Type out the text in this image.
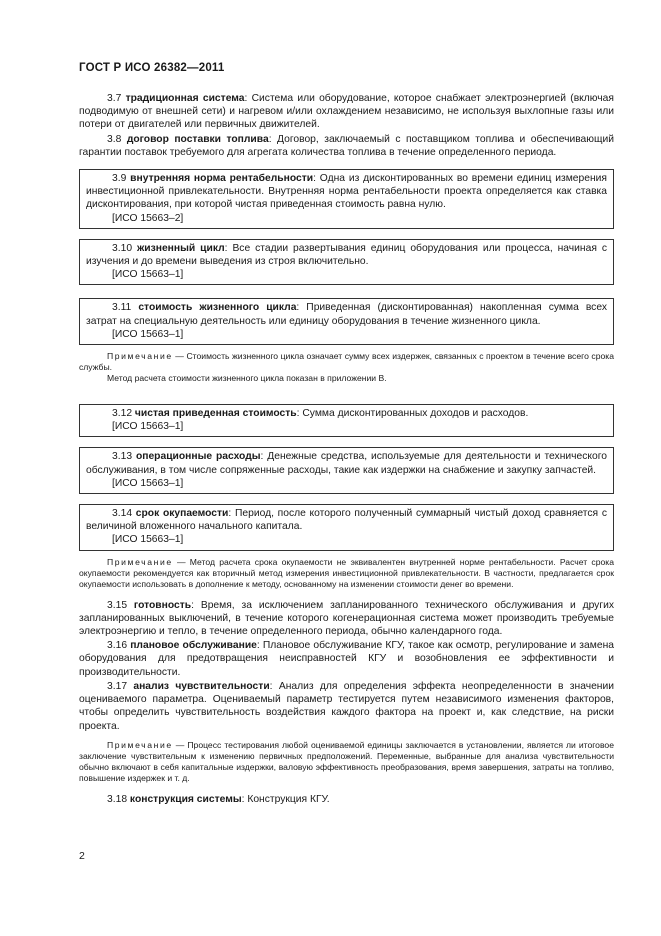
ГОСТ Р ИСО 26382—2011

3.7 традиционная система: Система или оборудование, которое снабжает электроэнергией (включая подводимую от внешней сети) и нагревом и/или охлаждением независимо, не используя выхлопные газы или потери от двигателей или первичных движителей.

3.8 договор поставки топлива: Договор, заключаемый с поставщиком топлива и обеспечивающий гарантии поставок требуемого для агрегата количества топлива в течение определенного периода.

3.9 внутренняя норма рентабельности: Одна из дисконтированных во времени единиц измерения инвестиционной привлекательности. Внутренняя норма рентабельности проекта определяется как ставка дисконтирования, при которой чистая приведенная стоимость равна нулю.

[ИСО 15663–2]

3.10 жизненный цикл: Все стадии развертывания единиц оборудования или процесса, начиная с изучения и до времени выведения из строя включительно.

[ИСО 15663–1]

3.11 стоимость жизненного цикла: Приведенная (дисконтированная) накопленная сумма всех затрат на специальную деятельность или единицу оборудования в течение жизненного цикла.

[ИСО 15663–1]

Примечание — Стоимость жизненного цикла означает сумму всех издержек, связанных с проектом в течение всего срока службы.

Метод расчета стоимости жизненного цикла показан в приложении В.

3.12 чистая приведенная стоимость: Сумма дисконтированных доходов и расходов.

[ИСО 15663–1]

3.13 операционные расходы: Денежные средства, используемые для деятельности и технического обслуживания, в том числе сопряженные расходы, такие как издержки на снабжение и закупку запчастей.

[ИСО 15663–1]

3.14 срок окупаемости: Период, после которого полученный суммарный чистый доход сравняется с величиной вложенного начального капитала.

[ИСО 15663–1]

Примечание — Метод расчета срока окупаемости не эквивалентен внутренней норме рентабельности. Расчет срока окупаемости рекомендуется как вторичный метод измерения инвестиционной привлекательности. В частности, предлагается срок окупаемости использовать в дополнение к методу, основанному на изменении стоимости денег во времени.

3.15 готовность: Время, за исключением запланированного технического обслуживания и других запланированных выключений, в течение которого когенерационная система может производить требуемые электроэнергию и тепло, в течение определенного периода, обычно календарного года.

3.16 плановое обслуживание: Плановое обслуживание КГУ, такое как осмотр, регулирование и замена оборудования для предотвращения неисправностей КГУ и возобновления ее эффективности и производительности.

3.17 анализ чувствительности: Анализ для определения эффекта неопределенности в значении оцениваемого параметра. Оцениваемый параметр тестируется путем независимого изменения факторов, чтобы определить чувствительность воздействия каждого фактора на проект и, как следствие, на риски проекта.

Примечание — Процесс тестирования любой оцениваемой единицы заключается в установлении, является ли итоговое заключение чувствительным к изменению первичных предположений. Переменные, выбранные для анализа чувствительности обычно включают в себя капитальные издержки, валовую эффективность преобразования, время завершения, затраты на топливо, повышение издержек и т. д.

3.18 конструкция системы: Конструкция КГУ.

2
